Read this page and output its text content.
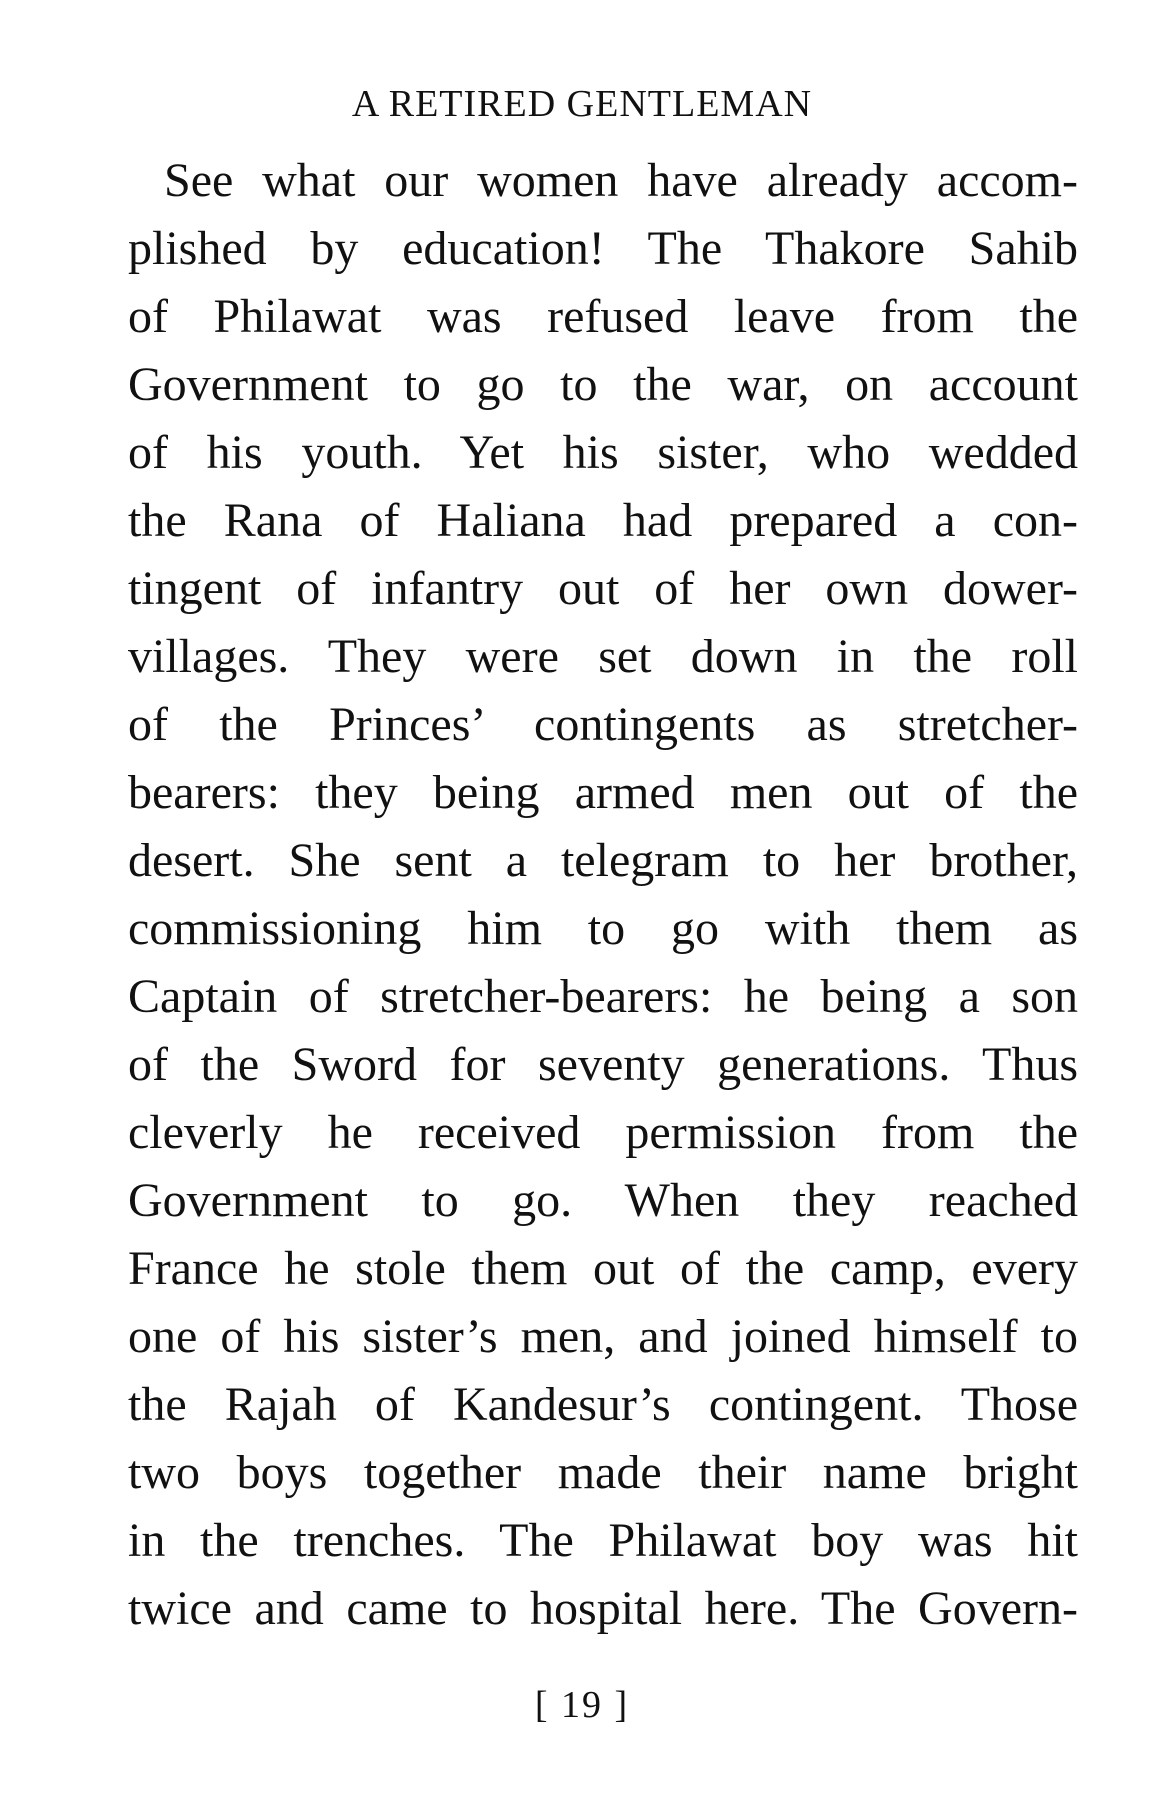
A RETIRED GENTLEMAN
See what our women have already accom-
plished by education! The Thakore Sahib
of Philawat was refused leave from the
Government to go to the war, on account
of his youth. Yet his sister, who wedded
the Rana of Haliana had prepared a con-
tingent of infantry out of her own dower-
villages. They were set down in the roll
of the Princes’ contingents as stretcher-
bearers: they being armed men out of the
desert. She sent a telegram to her brother,
commissioning him to go with them as
Captain of stretcher-bearers: he being a son
of the Sword for seventy generations. Thus
cleverly he received permission from the
Government to go. When they reached
France he stole them out of the camp, every
one of his sister’s men, and joined himself to
the Rajah of Kandesur’s contingent. Those
two boys together made their name bright
in the trenches. The Philawat boy was hit
twice and came to hospital here. The Govern-
[ 19 ]
